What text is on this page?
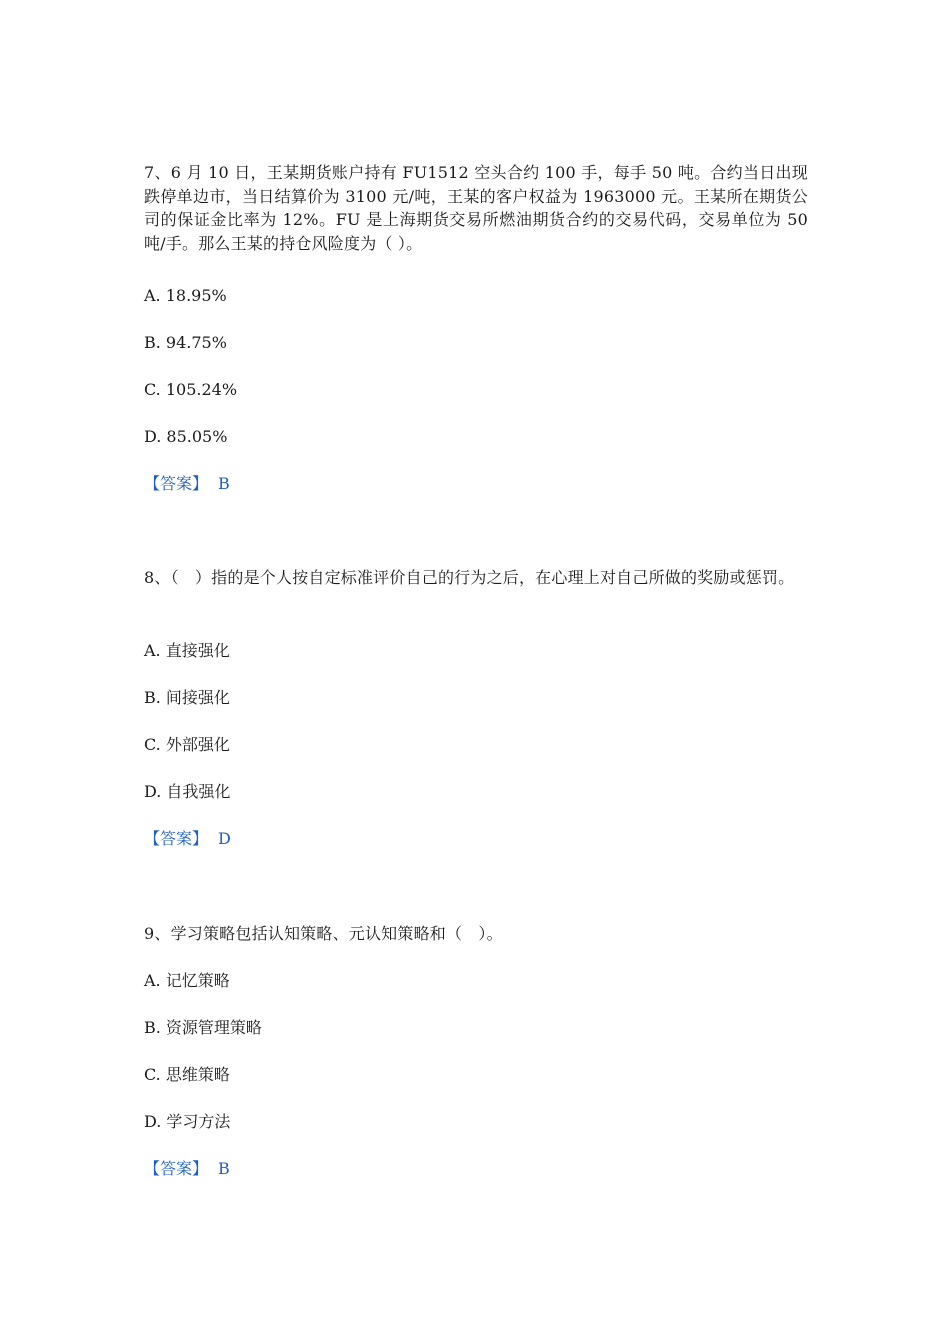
7、6 月 10 日，王某期货账户持有 FU1512 空头合约 100 手，每手 50 吨。合约当日出现跌停单边市，当日结算价为 3100 元/吨，王某的客户权益为 1963000 元。王某所在期货公司的保证金比率为 12%。FU 是上海期货交易所燃油期货合约的交易代码，交易单位为 50 吨/手。那么王某的持仓风险度为（ ）。

A. 18.95%
B. 94.75%
C. 105.24%
D. 85.05%
【答案】 B

8、（　）指的是个人按自定标准评价自己的行为之后，在心理上对自己所做的奖励或惩罚。

A. 直接强化
B. 间接强化
C. 外部强化
D. 自我强化
【答案】 D

9、学习策略包括认知策略、元认知策略和（　）。

A. 记忆策略
B. 资源管理策略
C. 思维策略
D. 学习方法
【答案】 B
